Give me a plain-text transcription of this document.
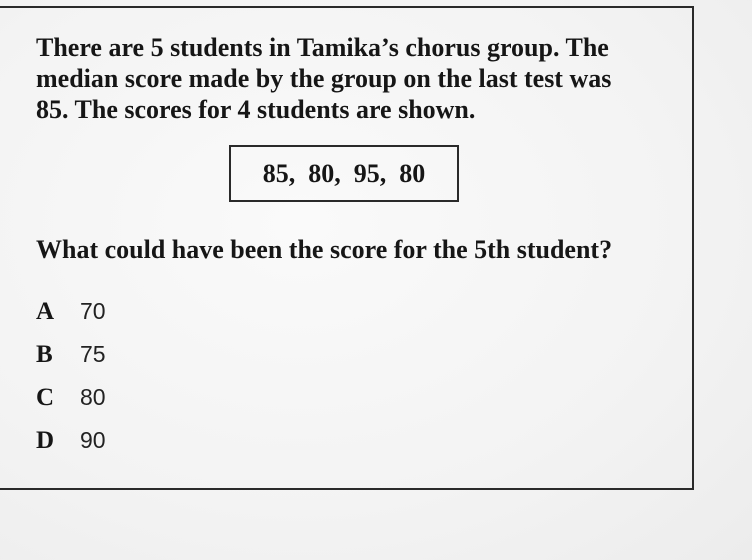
There are 5 students in Tamika’s chorus group. The
median score made by the group on the last test was
85. The scores for 4 students are shown.

85,  80,  95,  80

What could have been the score for the 5th student?

A	70
B	75
C	80
D	90
